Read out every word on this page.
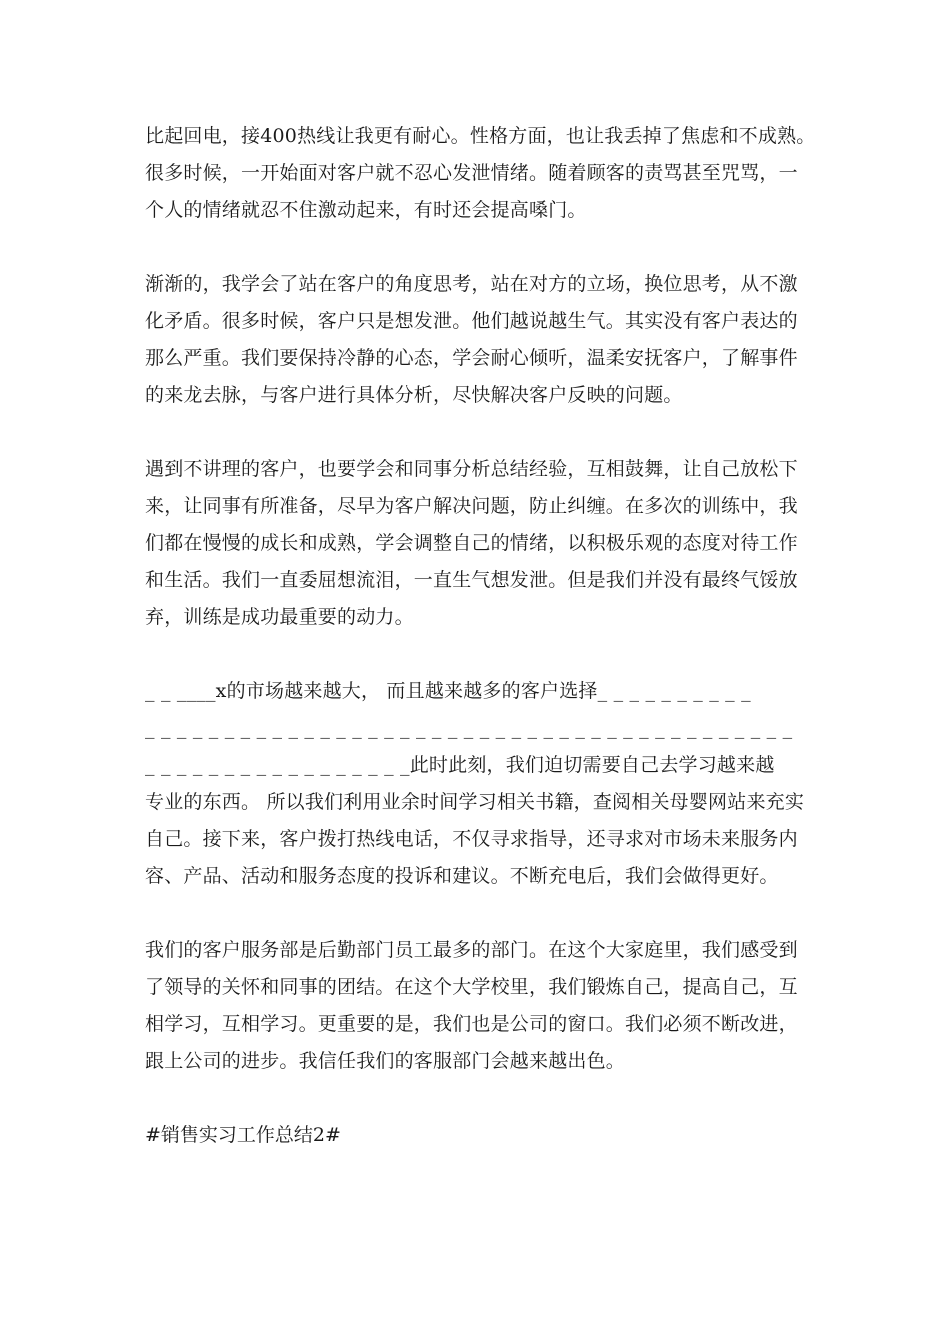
比起回电，接400热线让我更有耐心。性格方面，也让我丢掉了焦虑和不成熟。
很多时候，一开始面对客户就不忍心发泄情绪。随着顾客的责骂甚至咒骂，一
个人的情绪就忍不住激动起来，有时还会提高嗓门。
渐渐的，我学会了站在客户的角度思考，站在对方的立场，换位思考，从不激
化矛盾。很多时候，客户只是想发泄。他们越说越生气。其实没有客户表达的
那么严重。我们要保持冷静的心态，学会耐心倾听，温柔安抚客户，了解事件
的来龙去脉，与客户进行具体分析，尽快解决客户反映的问题。
遇到不讲理的客户，也要学会和同事分析总结经验，互相鼓舞，让自己放松下
来，让同事有所准备，尽早为客户解决问题，防止纠缠。在多次的训练中，我
们都在慢慢的成长和成熟，学会调整自己的情绪，以积极乐观的态度对待工作
和生活。我们一直委屈想流泪，一直生气想发泄。但是我们并没有最终气馁放
弃，训练是成功最重要的动力。
_ _ ____x的市场越来越大， 而且越来越多的客户选择_ _ _ _ _ _ _ _ _ _
_ _ _ _ _ _ _ _ _ _ _ _ _ _ _ _ _ _ _ _ _ _ _ _ _ _ _ _ _ _ _ _ _ _ _ _ _ _ _ _ _
_ _ _ _ _ _ _ _ _ _ _ _ _ _ _ _ _此时此刻，我们迫切需要自己去学习越来越
专业的东西。 所以我们利用业余时间学习相关书籍，查阅相关母婴网站来充实
自己。接下来，客户拨打热线电话，不仅寻求指导，还寻求对市场未来服务内
容、产品、活动和服务态度的投诉和建议。不断充电后，我们会做得更好。
我们的客户服务部是后勤部门员工最多的部门。在这个大家庭里，我们感受到
了领导的关怀和同事的团结。在这个大学校里，我们锻炼自己，提高自己，互
相学习，互相学习。更重要的是，我们也是公司的窗口。我们必须不断改进，
跟上公司的进步。我信任我们的客服部门会越来越出色。
#销售实习工作总结2#
